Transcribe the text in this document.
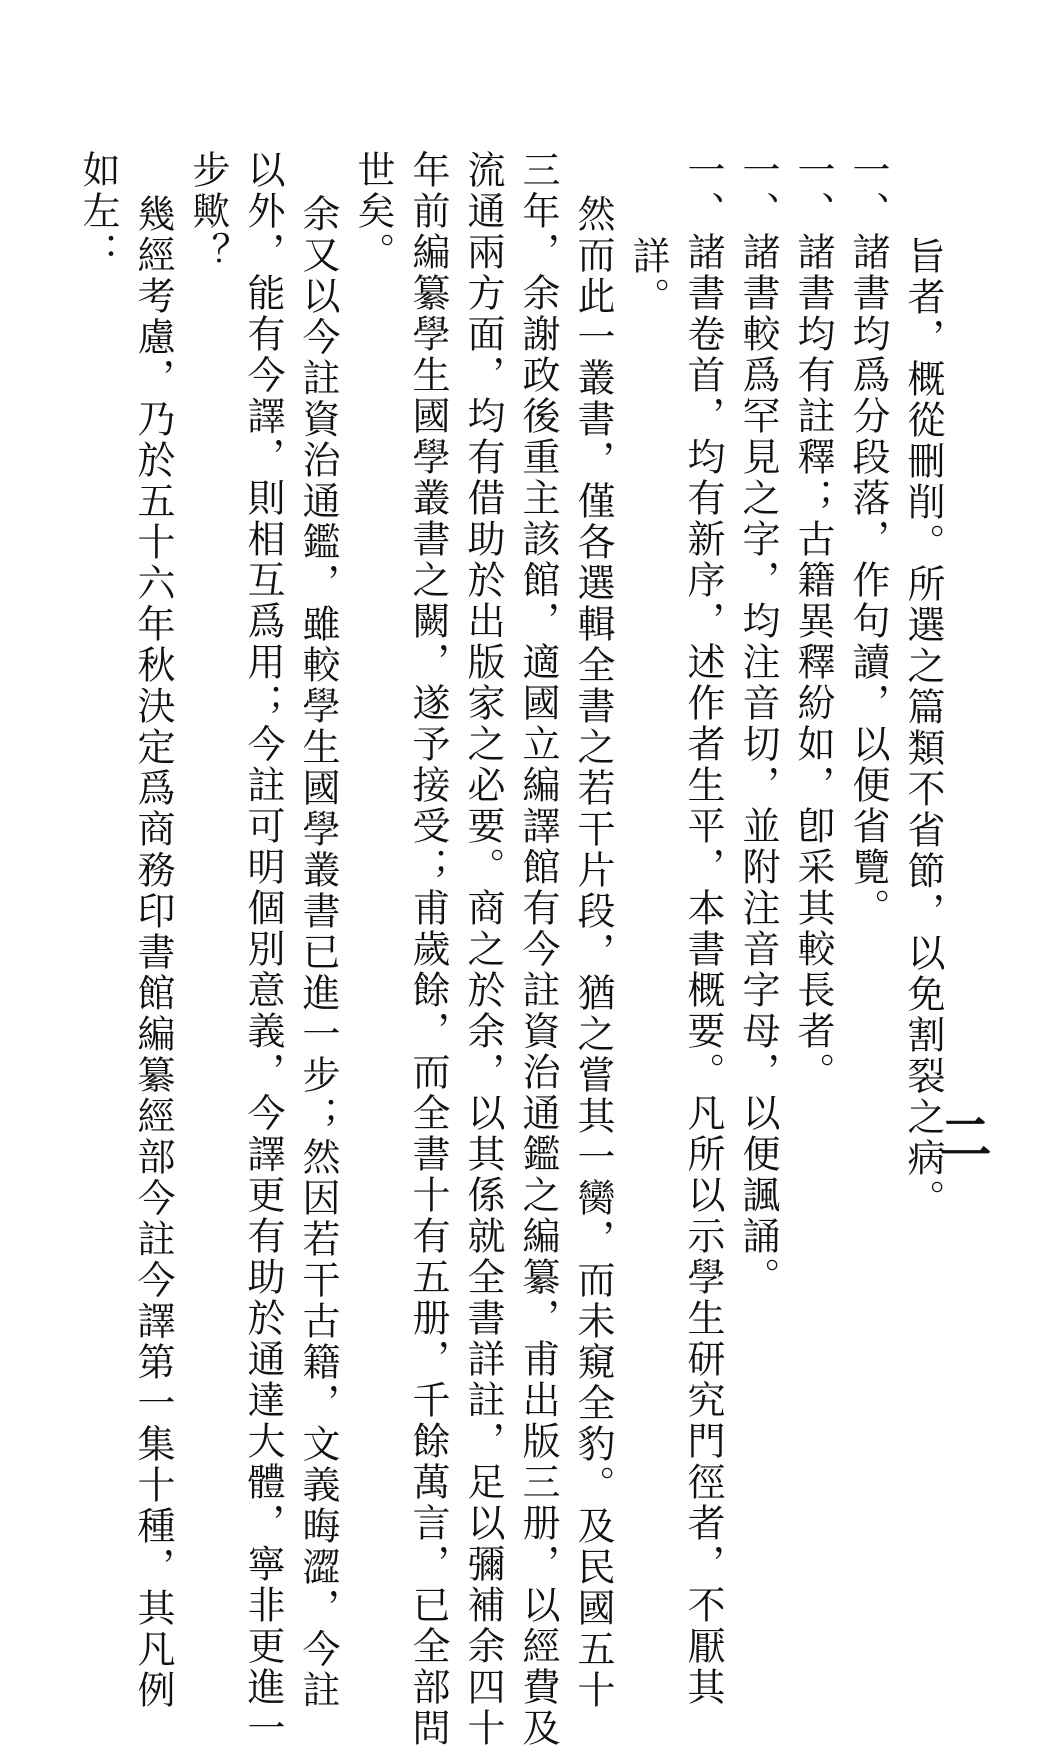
二

旨者，概從刪削。所選之篇類不省節，以免割裂之病。

一、諸書均爲分段落，作句讀，以便省覽。

一、諸書均有註釋；古籍異釋紛如，卽采其較長者。

一、諸書較爲罕見之字，均注音切，並附注音字母，以便諷誦。

一、諸書卷首，均有新序，述作者生平，本書概要。凡所以示學生研究門徑者，不厭其

詳。

然而此一叢書，僅各選輯全書之若干片段，猶之嘗其一臠，而未窺全豹。及民國五十

三年，余謝政後重主該館，適國立編譯館有今註資治通鑑之編纂，甫出版三册，以經費及

流通兩方面，均有借助於出版家之必要。商之於余，以其係就全書詳註，足以彌補余四十

年前編纂學生國學叢書之闕，遂予接受；甫歲餘，而全書十有五册，千餘萬言，已全部問

世矣。

余又以今註資治通鑑，雖較學生國學叢書已進一步；然因若干古籍，文義晦澀，今註

以外，能有今譯，則相互爲用；今註可明個別意義，今譯更有助於通達大體，寧非更進一

步歟？

幾經考慮，乃於五十六年秋決定爲商務印書館編纂經部今註今譯第一集十種，其凡例

如左：
